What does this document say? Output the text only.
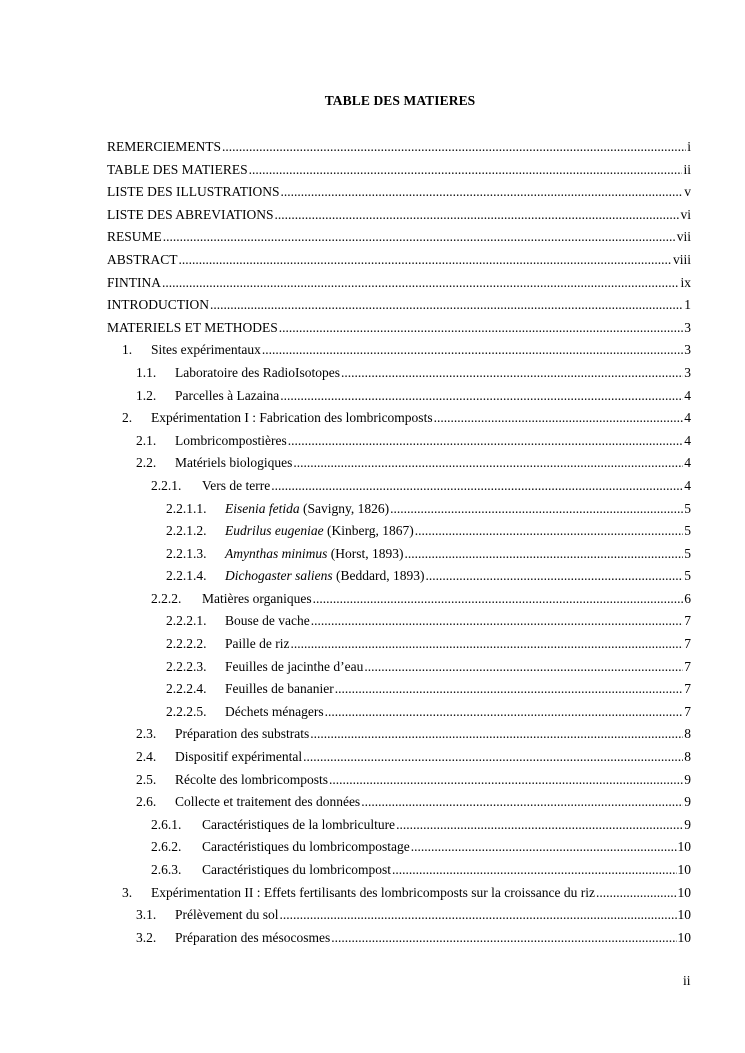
TABLE DES MATIERES
REMERCIEMENTS .....	i
TABLE DES MATIERES .....	ii
LISTE DES ILLUSTRATIONS .....	v
LISTE DES ABREVIATIONS .....	vi
RESUME .....	vii
ABSTRACT .....	viii
FINTINA .....	ix
INTRODUCTION .....	1
MATERIELS ET METHODES .....	3
1.	Sites expérimentaux .....	3
1.1.	Laboratoire des RadioIsotopes .....	3
1.2.	Parcelles à Lazaina .....	4
2.	Expérimentation I : Fabrication des lombricomposts .....	4
2.1.	Lombricompostières .....	4
2.2.	Matériels biologiques .....	4
2.2.1.	Vers de terre .....	4
2.2.1.1.	Eisenia fetida (Savigny, 1826) .....	5
2.2.1.2.	Eudrilus eugeniae (Kinberg, 1867) .....	5
2.2.1.3.	Amynthas minimus (Horst, 1893) .....	5
2.2.1.4.	Dichogaster saliens (Beddard, 1893) .....	5
2.2.2.	Matières organiques .....	6
2.2.2.1.	Bouse de vache .....	7
2.2.2.2.	Paille de riz .....	7
2.2.2.3.	Feuilles de jacinthe d’eau .....	7
2.2.2.4.	Feuilles de bananier .....	7
2.2.2.5.	Déchets ménagers .....	7
2.3.	Préparation des substrats .....	8
2.4.	Dispositif expérimental .....	8
2.5.	Récolte des lombricomposts .....	9
2.6.	Collecte et traitement des données .....	9
2.6.1.	Caractéristiques de la lombriculture .....	9
2.6.2.	Caractéristiques du lombricompostage .....	10
2.6.3.	Caractéristiques du lombricompost .....	10
3.	Expérimentation II : Effets fertilisants des lombricomposts sur la croissance du riz .....	10
3.1.	Prélèvement du sol .....	10
3.2.	Préparation des mésocosmes .....	10
ii
